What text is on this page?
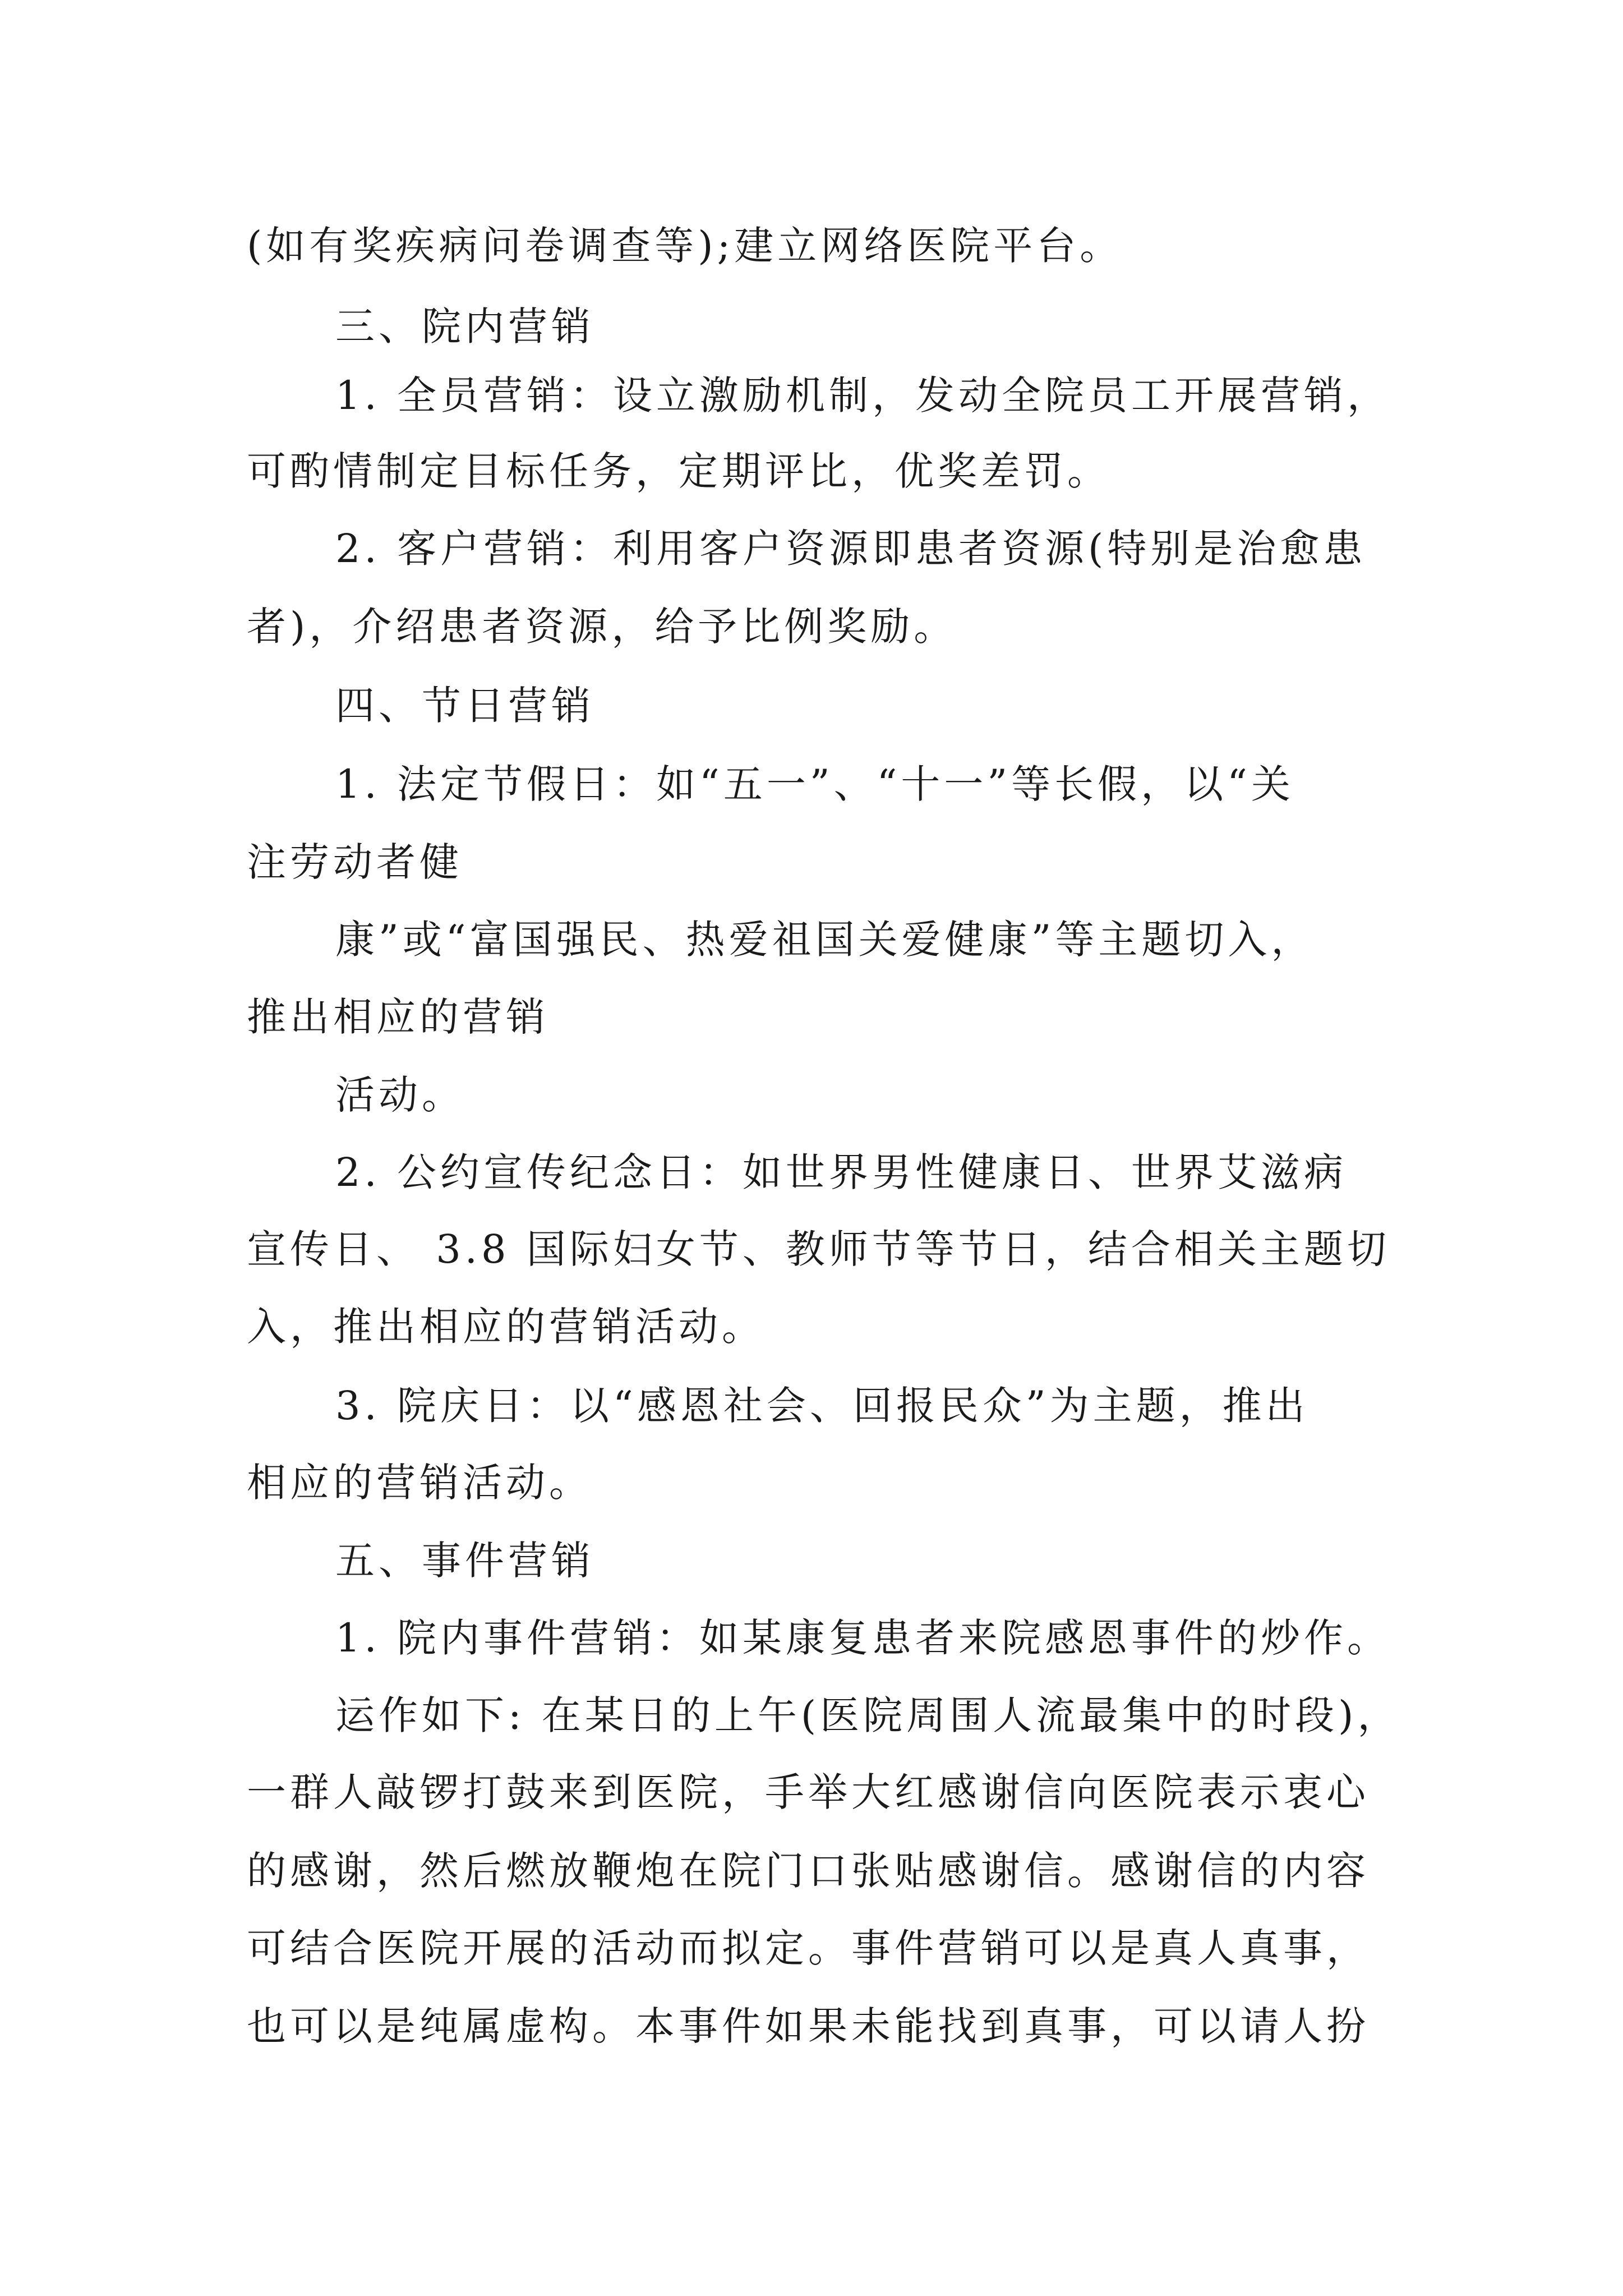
(如有奖疾病问卷调查等);建立网络医院平台。
三、院内营销
1. 全员营销：设立激励机制，发动全院员工开展营销，
可酌情制定目标任务，定期评比，优奖差罚。
2. 客户营销：利用客户资源即患者资源(特别是治愈患
者)，介绍患者资源，给予比例奖励。
四、节日营销
1. 法定节假日：如“五一”、“十一”等长假，以“关
注劳动者健
康”或“富国强民、热爱祖国关爱健康”等主题切入，
推出相应的营销
活动。
2. 公约宣传纪念日：如世界男性健康日、世界艾滋病
宣传日、 3.8 国际妇女节、教师节等节日，结合相关主题切
入，推出相应的营销活动。
3. 院庆日：以“感恩社会、回报民众”为主题，推出
相应的营销活动。
五、事件营销
1. 院内事件营销：如某康复患者来院感恩事件的炒作。
运作如下: 在某日的上午(医院周围人流最集中的时段)，
一群人敲锣打鼓来到医院，手举大红感谢信向医院表示衷心
的感谢，然后燃放鞭炮在院门口张贴感谢信。感谢信的内容
可结合医院开展的活动而拟定。事件营销可以是真人真事，
也可以是纯属虚构。本事件如果未能找到真事，可以请人扮
